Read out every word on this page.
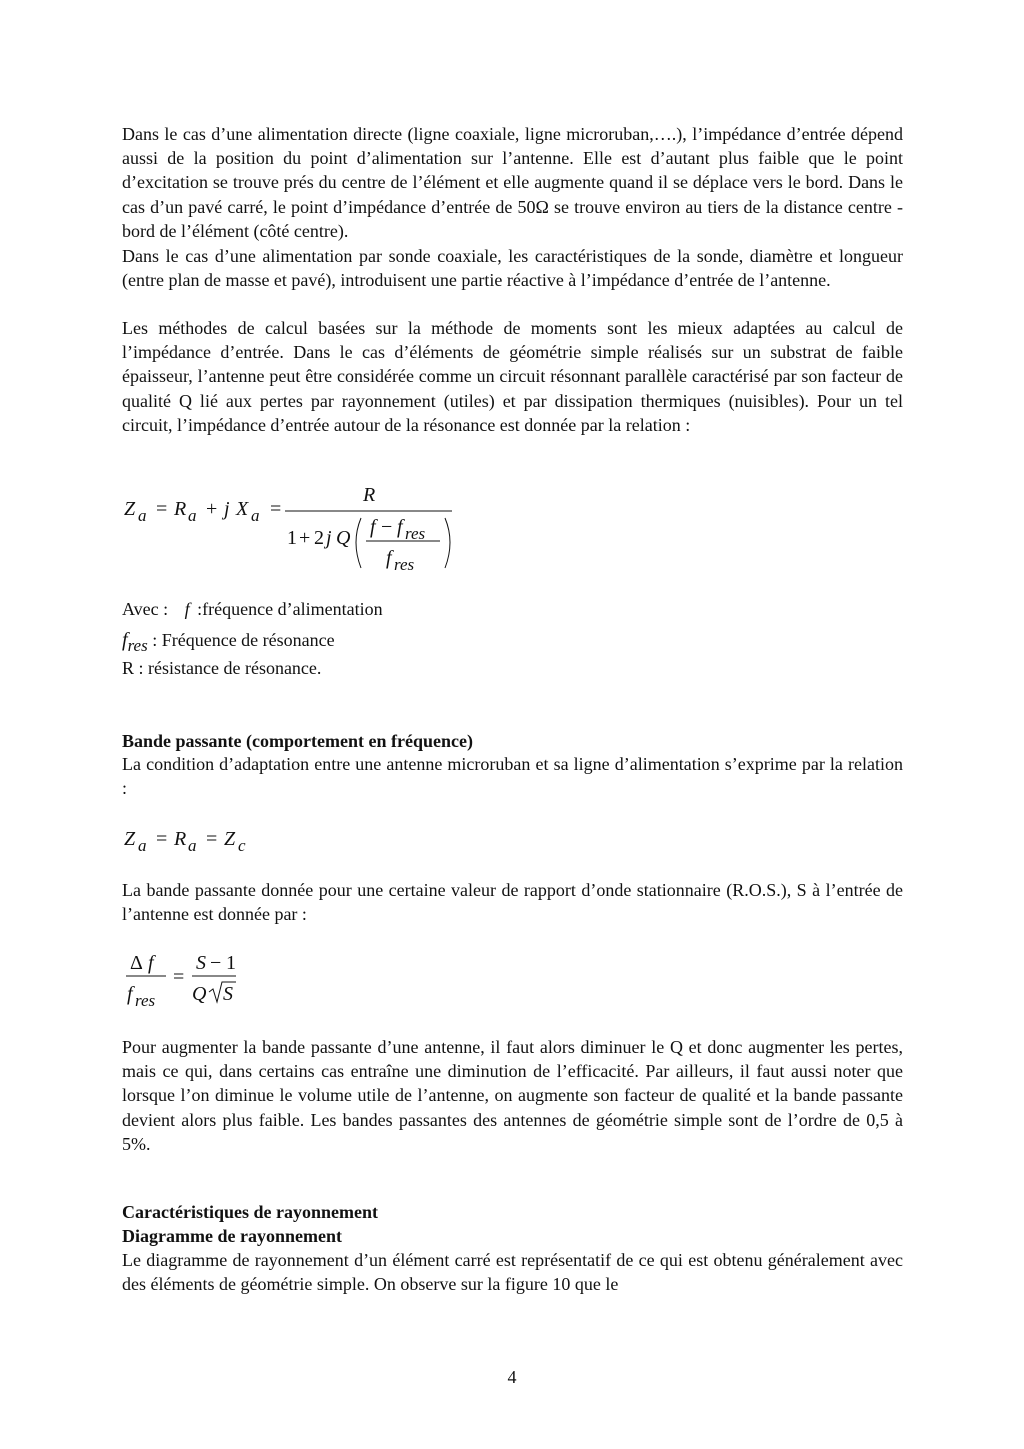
Dans le cas d’une alimentation directe (ligne coaxiale, ligne microruban,….), l’impédance d’entrée dépend aussi de la position du point d’alimentation sur l’antenne. Elle est d’autant plus faible que le point d’excitation se trouve prés du centre de l’élément et elle augmente quand il se déplace vers le bord. Dans le cas d’un pavé carré, le point d’impédance d’entrée de 50Ω se trouve environ au tiers de la distance centre - bord de l’élément (côté centre).

Dans le cas d’une alimentation par sonde coaxiale, les caractéristiques de la sonde, diamètre et longueur (entre plan de masse et pavé), introduisent une partie réactive à l’impédance d’entrée de l’antenne.

Les méthodes de calcul basées sur la méthode de moments sont les mieux adaptées au calcul de l’impédance d’entrée. Dans le cas d’éléments de géométrie simple réalisés sur un substrat de faible épaisseur, l’antenne peut être considérée comme un circuit résonnant parallèle caractérisé par son facteur de qualité Q lié aux pertes par rayonnement (utiles) et par dissipation thermiques (nuisibles). Pour un tel circuit, l’impédance d’entrée autour de la résonance est donnée par la relation :

Z a = R a + j X a =
R
1 + 2 j Q f − f res
f res
Avec : f :fréquence d’alimentation
fres : Fréquence de résonance
R : résistance de résonance.
Bande passante (comportement en fréquence)

La condition d’adaptation entre une antenne microruban et sa ligne d’alimentation s’exprime par la relation :

Z a = R a = Z c

La bande passante donnée pour une certaine valeur de rapport d’onde stationnaire (R.O.S.), S à l’entrée de l’antenne est donnée par :

Δ f
f res
=
S − 1
Q S

Pour augmenter la bande passante d’une antenne, il faut alors diminuer le Q et donc augmenter les pertes, mais ce qui, dans certains cas entraîne une diminution de l’efficacité. Par ailleurs, il faut aussi noter que lorsque l’on diminue le volume utile de l’antenne, on augmente son facteur de qualité et la bande passante devient alors plus faible. Les bandes passantes des antennes de géométrie simple sont de l’ordre de 0,5 à 5%.

Caractéristiques de rayonnement
Diagramme de rayonnement

Le diagramme de rayonnement d’un élément carré est représentatif de ce qui est obtenu généralement avec des éléments de géométrie simple. On observe sur la figure 10 que le

4
